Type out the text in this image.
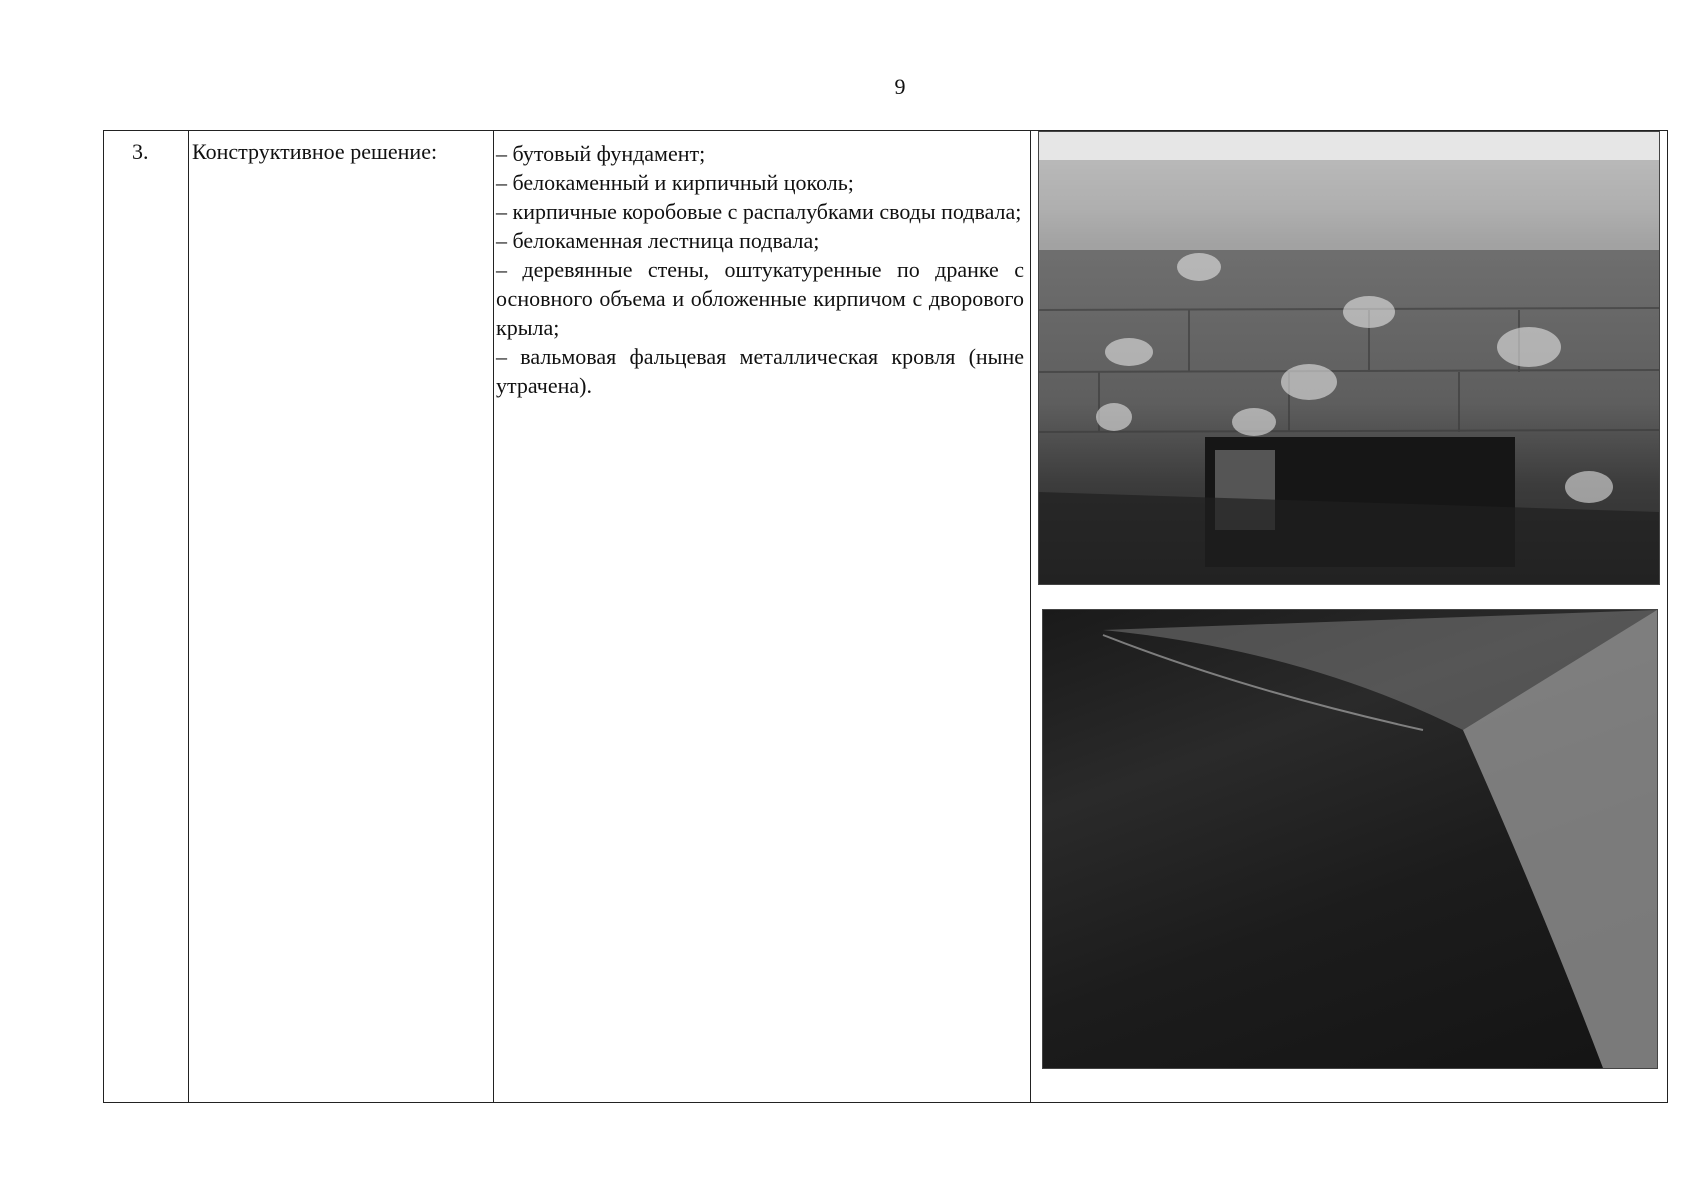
9
3. Конструктивное решение:	– бутовый фундамент;

– белокаменный и кирпичный цоколь;

– кирпичные коробовые с распалубками своды подвала;

– белокаменная лестница подвала;

– деревянные стены, оштукатуренные по дранке с основного объема и обложенные кирпичом с дворового крыла;

– вальмовая фальцевая металлическая кровля (ныне утрачена).
